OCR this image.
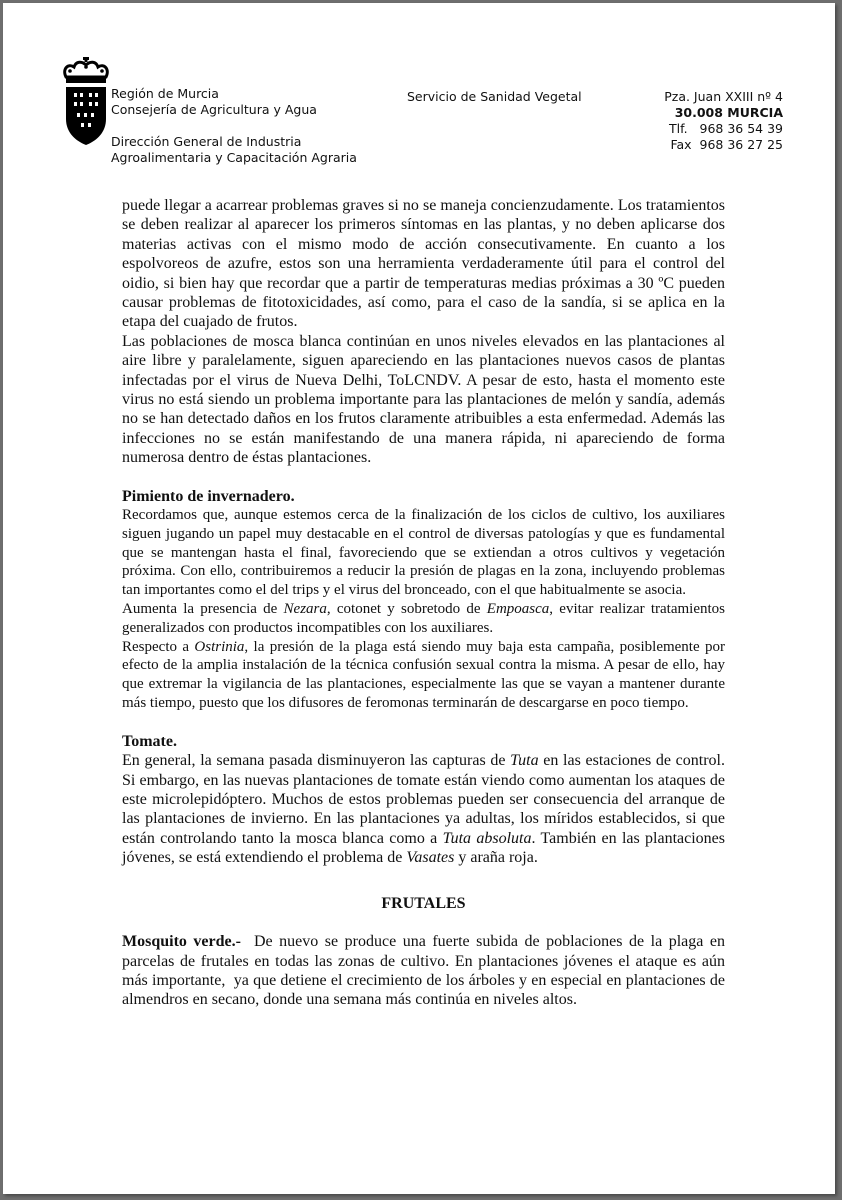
Región de Murcia
Consejería de Agricultura y Agua
Dirección General de Industria
Agroalimentaria y Capacitación Agraria
Servicio de Sanidad Vegetal	Pza. Juan XXIII nº 4
30.008 MURCIA
Tlf.   968 36 54 39
Fax  968 36 27 25

puede llegar a acarrear problemas graves si no se maneja concienzudamente. Los tratamientos se deben realizar al aparecer los primeros síntomas en las plantas, y no deben aplicarse dos materias activas con el mismo modo de acción consecutivamente. En cuanto a los espolvoreos de azufre, estos son una herramienta verdaderamente útil para el control del oidio, si bien hay que recordar que a partir de temperaturas medias próximas a 30 ºC pueden causar problemas de fitotoxicidades, así como, para el caso de la sandía, si se aplica en la etapa del cuajado de frutos.

Las poblaciones de mosca blanca continúan en unos niveles elevados en las plantaciones al aire libre y paralelamente, siguen apareciendo en las plantaciones nuevos casos de plantas infectadas por el virus de Nueva Delhi, ToLCNDV. A pesar de esto, hasta el momento este virus no está siendo un problema importante para las plantaciones de melón y sandía, además no se han detectado daños en los frutos claramente atribuibles a esta enfermedad. Además las infecciones no se están manifestando de una manera rápida, ni apareciendo de forma numerosa dentro de éstas plantaciones.

Pimiento de invernadero.

Recordamos que, aunque estemos cerca de la finalización de los ciclos de cultivo, los auxiliares siguen jugando un papel muy destacable en el control de diversas patologías y que es fundamental que se mantengan hasta el final, favoreciendo que se extiendan a otros cultivos y vegetación próxima. Con ello, contribuiremos a reducir la presión de plagas en la zona, incluyendo problemas tan importantes como el del trips y el virus del bronceado, con el que habitualmente se asocia.

Aumenta la presencia de Nezara, cotonet y sobretodo de Empoasca, evitar realizar tratamientos generalizados con productos incompatibles con los auxiliares.

Respecto a Ostrinia, la presión de la plaga está siendo muy baja esta campaña, posiblemente por efecto de la amplia instalación de la técnica confusión sexual contra la misma. A pesar de ello, hay que extremar la vigilancia de las plantaciones, especialmente las que se vayan a mantener durante más tiempo, puesto que los difusores de feromonas terminarán de descargarse en poco tiempo.

Tomate.

En general, la semana pasada disminuyeron las capturas de Tuta en las estaciones de control. Si embargo, en las nuevas plantaciones de tomate están viendo como aumentan los ataques de este microlepidóptero. Muchos de estos problemas pueden ser consecuencia del arranque de las plantaciones de invierno. En las plantaciones ya adultas, los míridos establecidos, si que están controlando tanto la mosca blanca como a Tuta absoluta. También en las plantaciones jóvenes, se está extendiendo el problema de Vasates y araña roja.

FRUTALES

Mosquito verde.-  De nuevo se produce una fuerte subida de poblaciones de la plaga en parcelas de frutales en todas las zonas de cultivo. En plantaciones jóvenes el ataque es aún más importante,  ya que detiene el crecimiento de los árboles y en especial en plantaciones de almendros en secano, donde una semana más continúa en niveles altos.
